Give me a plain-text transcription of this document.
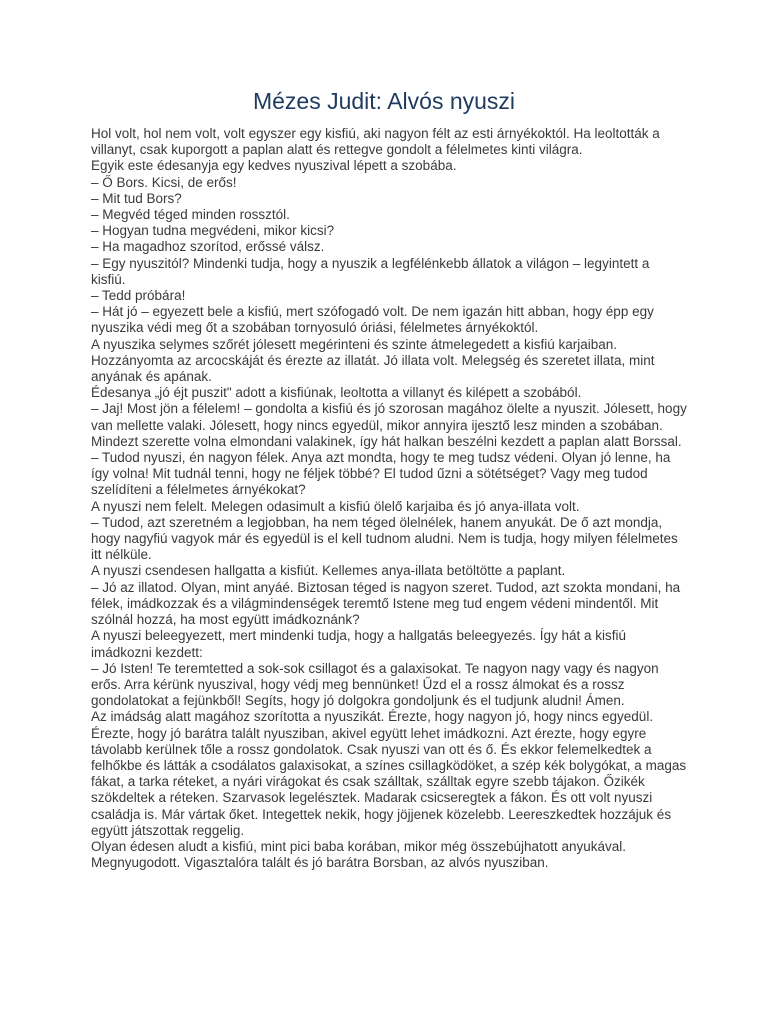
Mézes Judit: Alvós nyuszi

Hol volt, hol nem volt, volt egyszer egy kisfiú, aki nagyon félt az esti árnyékoktól. Ha leoltották a villanyt, csak kuporgott a paplan alatt és rettegve gondolt a félelmetes kinti világra.

Egyik este édesanyja egy kedves nyuszival lépett a szobába.

– Ő Bors. Kicsi, de erős!

– Mit tud Bors?

– Megvéd téged minden rossztól.

– Hogyan tudna megvédeni, mikor kicsi?

– Ha magadhoz szorítod, erőssé válsz.

– Egy nyuszitól? Mindenki tudja, hogy a nyuszik a legfélénkebb állatok a világon – legyintett a kisfiú.

– Tedd próbára!

– Hát jó – egyezett bele a kisfiú, mert szófogadó volt. De nem igazán hitt abban, hogy épp egy nyuszika védi meg őt a szobában tornyosuló óriási, félelmetes árnyékoktól.

A nyuszika selymes szőrét jólesett megérinteni és szinte átmelegedett a kisfiú karjaiban. Hozzányomta az arcocskáját és érezte az illatát. Jó illata volt. Melegség és szeretet illata, mint anyának és apának.

Édesanya „jó éjt puszit" adott a kisfiúnak, leoltotta a villanyt és kilépett a szobából.

– Jaj! Most jön a félelem! – gondolta a kisfiú és jó szorosan magához ölelte a nyuszit. Jólesett, hogy van mellette valaki. Jólesett, hogy nincs egyedül, mikor annyira ijesztő lesz minden a szobában. Mindezt szerette volna elmondani valakinek, így hát halkan beszélni kezdett a paplan alatt Borssal.

– Tudod nyuszi, én nagyon félek. Anya azt mondta, hogy te meg tudsz védeni. Olyan jó lenne, ha így volna! Mit tudnál tenni, hogy ne féljek többé? El tudod űzni a sötétséget? Vagy meg tudod szelídíteni a félelmetes árnyékokat?

A nyuszi nem felelt. Melegen odasimult a kisfiú ölelő karjaiba és jó anya-illata volt.

– Tudod, azt szeretném a legjobban, ha nem téged ölelnélek, hanem anyukát. De ő azt mondja, hogy nagyfiú vagyok már és egyedül is el kell tudnom aludni. Nem is tudja, hogy milyen félelmetes itt nélküle.

A nyuszi csendesen hallgatta a kisfiút. Kellemes anya-illata betöltötte a paplant.

– Jó az illatod. Olyan, mint anyáé. Biztosan téged is nagyon szeret. Tudod, azt szokta mondani, ha félek, imádkozzak és a világmindenségek teremtő Istene meg tud engem védeni mindentől. Mit szólnál hozzá, ha most együtt imádkoznánk?

A nyuszi beleegyezett, mert mindenki tudja, hogy a hallgatás beleegyezés. Így hát a kisfiú imádkozni kezdett:

– Jó Isten! Te teremtetted a sok-sok csillagot és a galaxisokat. Te nagyon nagy vagy és nagyon erős. Arra kérünk nyuszival, hogy védj meg bennünket! Űzd el a rossz álmokat és a rossz gondolatokat a fejünkből! Segíts, hogy jó dolgokra gondoljunk és el tudjunk aludni! Ámen.

Az imádság alatt magához szorította a nyuszikát. Érezte, hogy nagyon jó, hogy nincs egyedül. Érezte, hogy jó barátra talált nyusziban, akivel együtt lehet imádkozni. Azt érezte, hogy egyre távolabb kerülnek tőle a rossz gondolatok. Csak nyuszi van ott és ő. És ekkor felemelkedtek a felhőkbe és látták a csodálatos galaxisokat, a színes csillagködöket, a szép kék bolygókat, a magas fákat, a tarka réteket, a nyári virágokat és csak szálltak, szálltak egyre szebb tájakon. Őzikék szökdeltek a réteken. Szarvasok legelésztek. Madarak csicseregtek a fákon. És ott volt nyuszi családja is. Már vártak őket. Integettek nekik, hogy jöjjenek közelebb. Leereszkedtek hozzájuk és együtt játszottak reggelig.

Olyan édesen aludt a kisfiú, mint pici baba korában, mikor még összebújhatott anyukával. Megnyugodott. Vigasztalóra talált és jó barátra Borsban, az alvós nyusziban.
